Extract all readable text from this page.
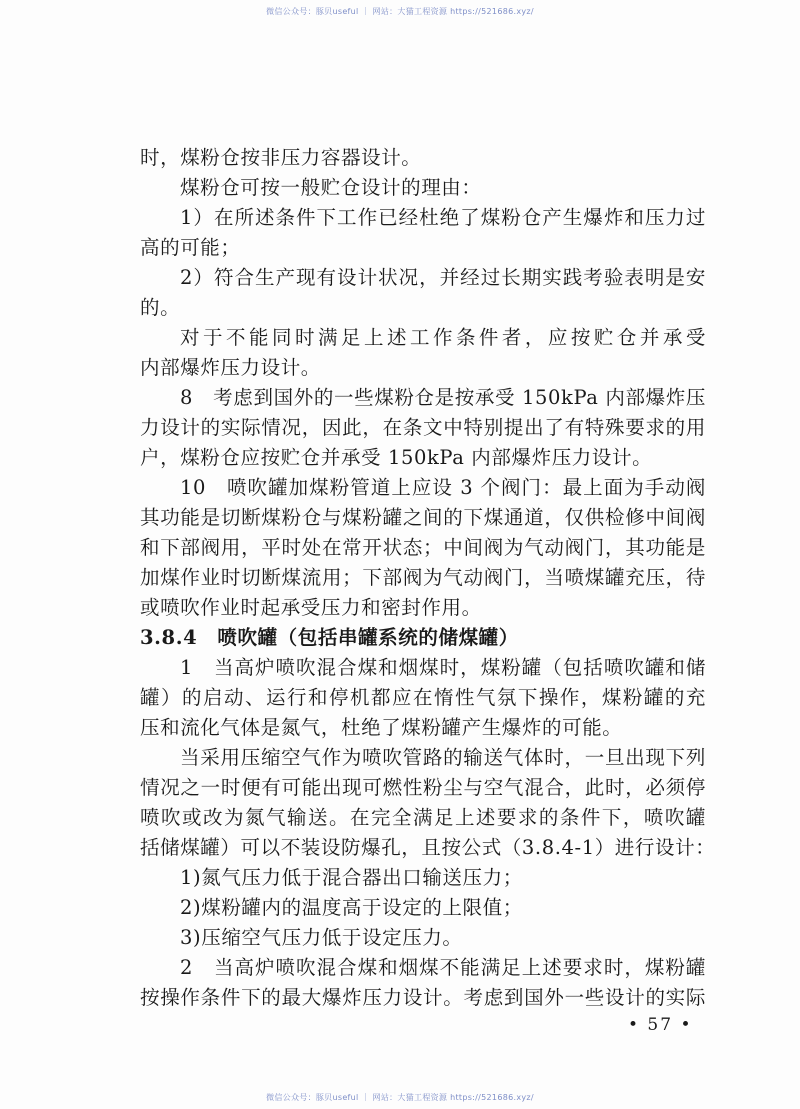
微信公众号：豚贝useful ｜ 网站：大猫工程资源 https://521686.xyz/
时，煤粉仓按非压力容器设计。
煤粉仓可按一般贮仓设计的理由：
1）在所述条件下工作已经杜绝了煤粉仓产生爆炸和压力过
高的可能；
2）符合生产现有设计状况，并经过长期实践考验表明是安
的。
对于不能同时满足上述工作条件者，应按贮仓并承受
内部爆炸压力设计。
8　考虑到国外的一些煤粉仓是按承受 150kPa 内部爆炸压
力设计的实际情况，因此，在条文中特别提出了有特殊要求的用
户，煤粉仓应按贮仓并承受 150kPa 内部爆炸压力设计。
10　喷吹罐加煤粉管道上应设 3 个阀门：最上面为手动阀
其功能是切断煤粉仓与煤粉罐之间的下煤通道，仅供检修中间阀
和下部阀用，平时处在常开状态；中间阀为气动阀门，其功能是
加煤作业时切断煤流用；下部阀为气动阀门，当喷煤罐充压，待
或喷吹作业时起承受压力和密封作用。
3.8.4　喷吹罐（包括串罐系统的储煤罐）
1　当高炉喷吹混合煤和烟煤时，煤粉罐（包括喷吹罐和储
罐）的启动、运行和停机都应在惰性气氛下操作，煤粉罐的充
压和流化气体是氮气，杜绝了煤粉罐产生爆炸的可能。
当采用压缩空气作为喷吹管路的输送气体时，一旦出现下列
情况之一时便有可能出现可燃性粉尘与空气混合，此时，必须停
喷吹或改为氮气输送。在完全满足上述要求的条件下，喷吹罐
括储煤罐）可以不装设防爆孔，且按公式（3.8.4-1）进行设计：
1)氮气压力低于混合器出口输送压力；
2)煤粉罐内的温度高于设定的上限值；
3)压缩空气压力低于设定压力。
2　当高炉喷吹混合煤和烟煤不能满足上述要求时，煤粉罐
按操作条件下的最大爆炸压力设计。考虑到国外一些设计的实际
• 57 •
微信公众号：豚贝useful ｜ 网站：大猫工程资源 https://521686.xyz/
